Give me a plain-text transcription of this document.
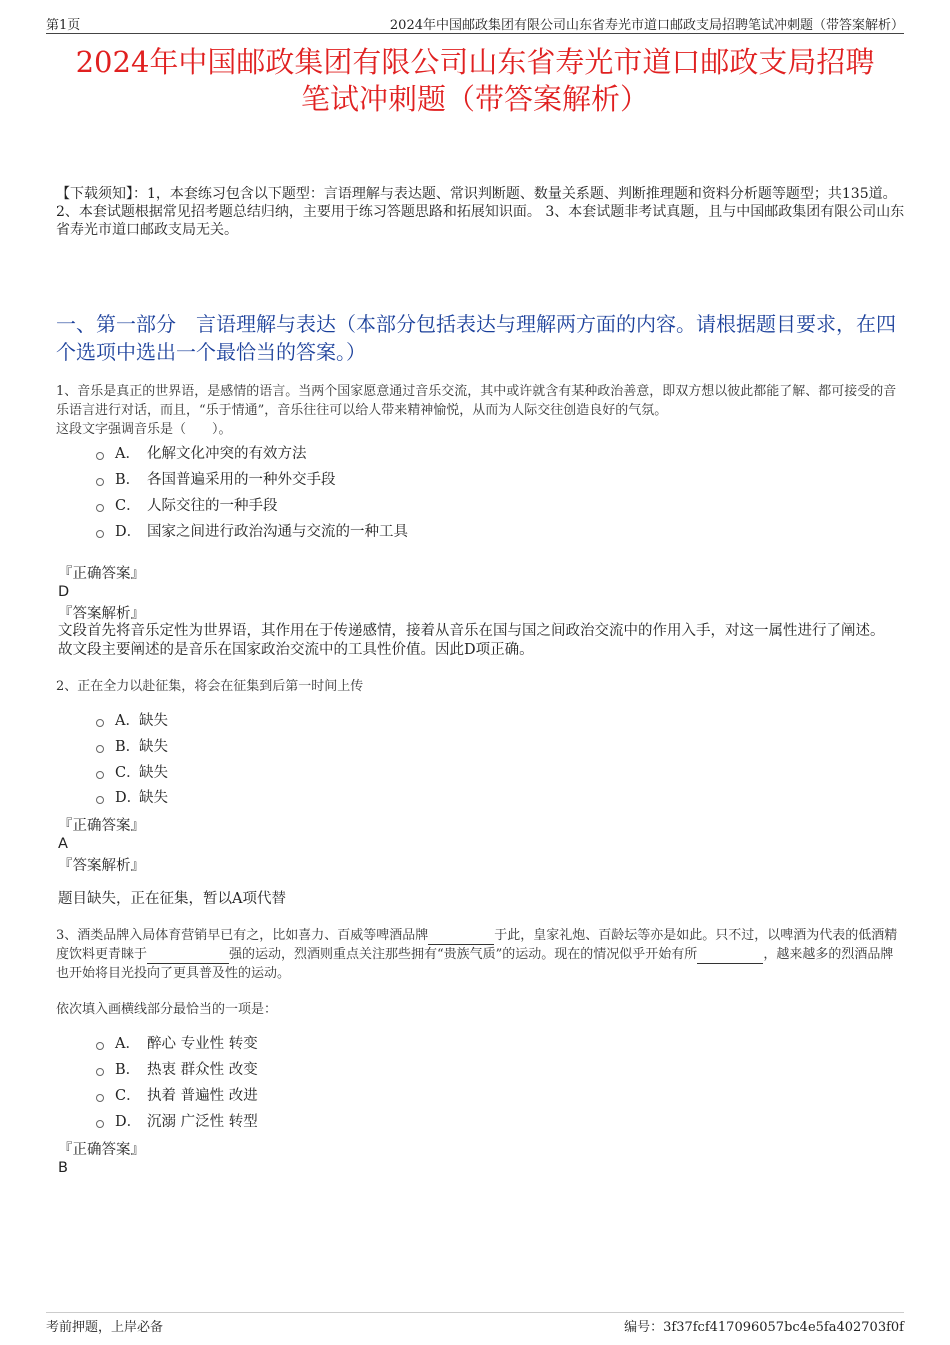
第1页	2024年中国邮政集团有限公司山东省寿光市道口邮政支局招聘笔试冲刺题（带答案解析）
2024年中国邮政集团有限公司山东省寿光市道口邮政支局招聘
笔试冲刺题（带答案解析）
【下载须知】：1，本套练习包含以下题型：言语理解与表达题、常识判断题、数量关系题、判断推理题和资料分析题等题型；共135道。 2、本套试题根据常见招考题总结归纳，主要用于练习答题思路和拓展知识面。 3、本套试题非考试真题，且与中国邮政集团有限公司山东省寿光市道口邮政支局无关。
一、第一部分　言语理解与表达（本部分包括表达与理解两方面的内容。请根据题目要求，在四个选项中选出一个最恰当的答案。）
1、音乐是真正的世界语，是感情的语言。当两个国家愿意通过音乐交流，其中或许就含有某种政治善意，即双方想以彼此都能了解、都可接受的音乐语言进行对话，而且，“乐于情通”，音乐往往可以给人带来精神愉悦，从而为人际交往创造良好的气氛。
这段文字强调音乐是（　　）。
A． 化解文化冲突的有效方法
B． 各国普遍采用的一种外交手段
C． 人际交往的一种手段
D． 国家之间进行政治沟通与交流的一种工具
『正确答案』
D
『答案解析』
文段首先将音乐定性为世界语，其作用在于传递感情，接着从音乐在国与国之间政治交流中的作用入手，对这一属性进行了阐述。故文段主要阐述的是音乐在国家政治交流中的工具性价值。因此D项正确。
2、正在全力以赴征集，将会在征集到后第一时间上传
A． 缺失
B．
缺失
C．
缺失
D．
缺失
『正确答案』
A
『答案解析』
题目缺失，正在征集，暂以A项代替
3、酒类品牌入局体育营销早已有之，比如喜力、百威等啤酒品牌	于此，皇家礼炮、百龄坛等亦是如此。只不过，以啤酒为代表的低酒精度饮料更青睐于	强的运动，烈酒则重点关注那些拥有“贵族气质”的运动。现在的情况似乎开始有所	，越来越多的烈酒品牌也开始将目光投向了更具普及性的运动。
依次填入画横线部分最恰当的一项是：
A． 醉心 专业性 转变
B． 热衷 群众性 改变
C． 执着 普遍性 改进
D． 沉溺 广泛性 转型
『正确答案』
B
考前押题，上岸必备	编号：3f37fcf417096057bc4e5fa402703f0f
